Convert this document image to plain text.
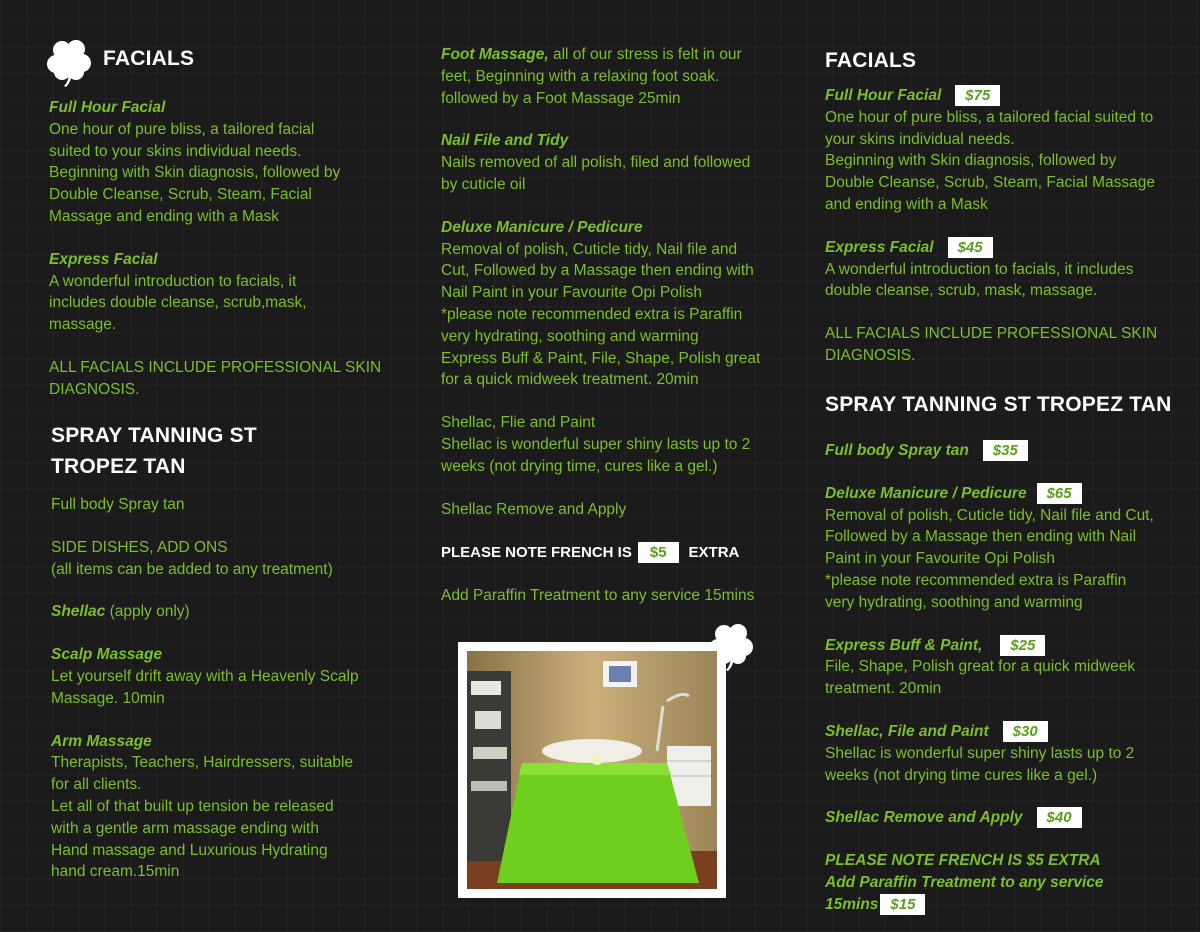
FACIALS
Full Hour Facial
One hour of pure bliss, a tailored facial
suited to your skins individual needs.
Beginning with Skin diagnosis, followed by
Double Cleanse, Scrub, Steam, Facial
Massage and ending with a Mask
Express Facial
A wonderful introduction to facials, it
includes double cleanse, scrub,mask,
massage.
ALL FACIALS INCLUDE PROFESSIONAL SKIN
DIAGNOSIS.
SPRAY TANNING ST
TROPEZ TAN
Full body Spray tan
SIDE DISHES, ADD ONS
(all items can be added to any treatment)
Shellac (apply only)
Scalp Massage
Let yourself drift away with a Heavenly Scalp
Massage. 10min
Arm Massage
Therapists, Teachers, Hairdressers, suitable
for all clients.
Let all of that built up tension be released
with a gentle arm massage ending with
Hand massage and Luxurious Hydrating
hand cream.15min
Foot Massage, all of our stress is felt in our
feet, Beginning with a relaxing foot soak.
followed by a Foot Massage 25min
Nail File and Tidy
Nails removed of all polish, filed and followed
by cuticle oil
Deluxe Manicure / Pedicure
Removal of polish, Cuticle tidy, Nail file and
Cut, Followed by a Massage then ending with
Nail Paint in your Favourite Opi Polish
*please note recommended extra is Paraffin
very hydrating, soothing and warming
Express Buff & Paint, File, Shape, Polish great
for a quick midweek treatment. 20min
Shellac, Flie and Paint
Shellac is wonderful super shiny lasts up to 2
weeks (not drying time, cures like a gel.)
Shellac Remove and Apply
PLEASE NOTE FRENCH IS $5 EXTRA
Add Paraffin Treatment to any service 15mins
FACIALS
Full Hour Facial $75
One hour of pure bliss, a tailored facial suited to
your skins individual needs.
Beginning with Skin diagnosis, followed by
Double Cleanse, Scrub, Steam, Facial Massage
and ending with a Mask
Express Facial $45
A wonderful introduction to facials, it includes
double cleanse, scrub, mask, massage.
ALL FACIALS INCLUDE PROFESSIONAL SKIN
DIAGNOSIS.
SPRAY TANNING ST TROPEZ TAN
Full body Spray tan $35
Deluxe Manicure / Pedicure $65
Removal of polish, Cuticle tidy, Nail file and Cut,
Followed by a Massage then ending with Nail
Paint in your Favourite Opi Polish
*please note recommended extra is Paraffin
very hydrating, soothing and warming
Express Buff & Paint, $25
File, Shape, Polish great for a quick midweek
treatment. 20min
Shellac, File and Paint $30
Shellac is wonderful super shiny lasts up to 2
weeks (not drying time cures like a gel.)
Shellac Remove and Apply $40
PLEASE NOTE FRENCH IS $5 EXTRA
Add Paraffin Treatment to any service
15mins $15
